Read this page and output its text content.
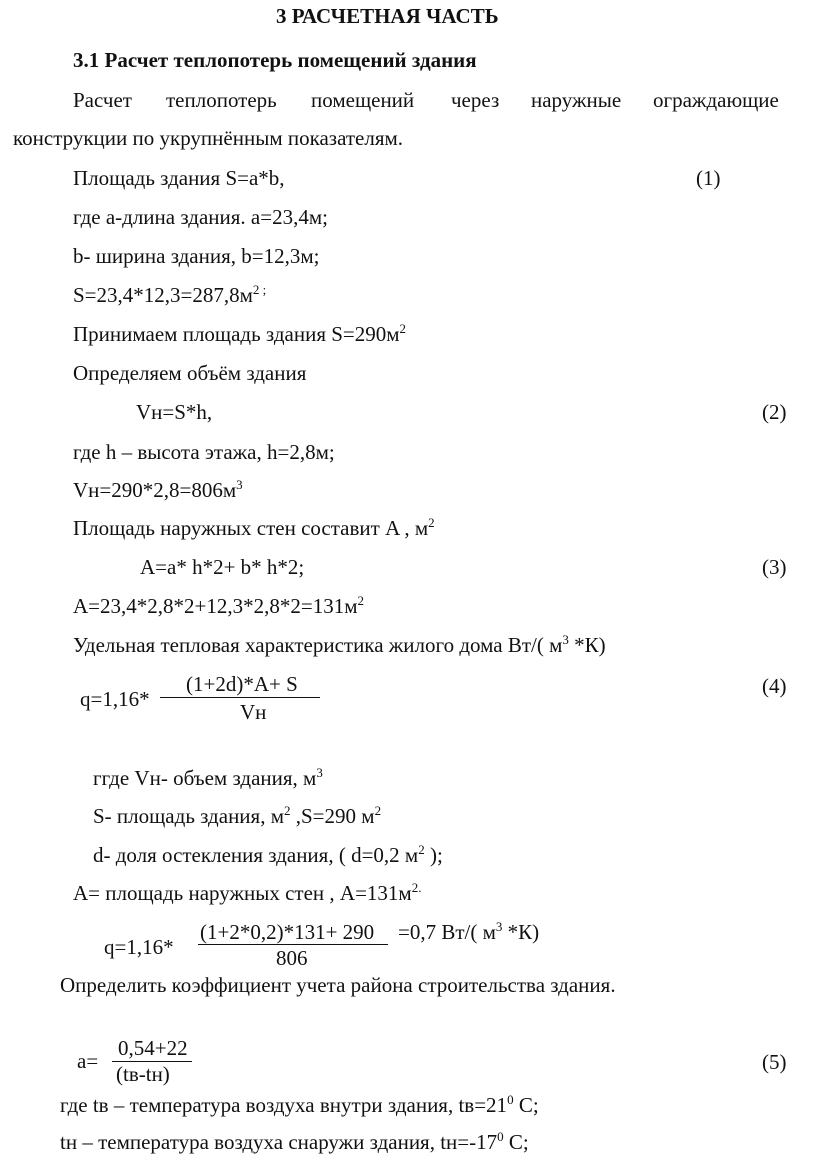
3 РАСЧЕТНАЯ ЧАСТЬ
3.1 Расчет теплопотерь помещений здания
Расчет теплопотерь помещений через наружные ограждающие
конструкции по укрупнённым показателям.
Площадь здания S=a*b,	(1)
где а-длина здания. а=23,4м;
b- ширина здания, b=12,3м;
$S=23,4*12,3=287,8м^{2 ;}$
Принимаем площадь здания $S=290м^2$
Определяем объём здания
Vн=S*h,	(2)
где h – высота этажа, h=2,8м;
$Vн=290*2,8=806м^3$
Площадь наружных стен составит A , $м^2$
A=a* h*2+ b* h*2;	(3)
$A=23,4*2,8*2+12,3*2,8*2=131м^2$
Удельная тепловая характеристика жилого дома Вт/( $м^3$ *К)
q=1,16*
(1+2d)*A+ S
Vн
(4)
ггде Vн- объем здания, $м^3$
S- площадь здания, $м^2$ ,S=290 $м^2$
d- доля остекления здания, ( d=0,2 $м^2$ );
А= площадь наружных стен , $А=131м^{2.}$
q=1,16*
(1+2*0,2)*131+ 290 =0,7 Вт/( $м^3$ *К)
806
Определить коэффициент учета района строительства здания.
a=
0,54+22
(tв-tн)	(5)
где tв – температура воздуха внутри здания, $tв=21^0$ С;
tн – температура воздуха снаружи здания, $tн=-17^0$ С;
